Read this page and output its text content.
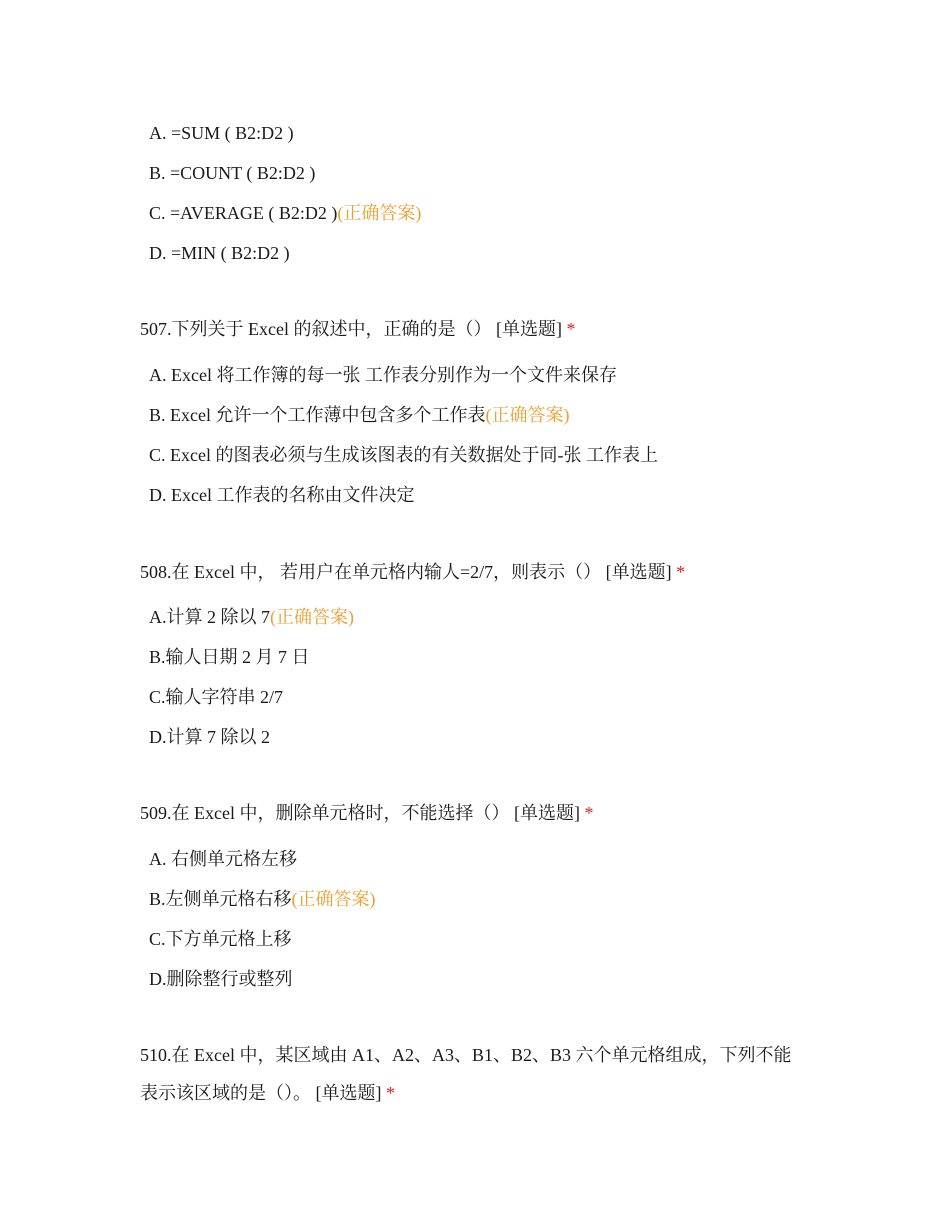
A. =SUM ( B2:D2 )
B. =COUNT ( B2:D2 )
C. =AVERAGE ( B2:D2 )(正确答案)
D. =MIN ( B2:D2 )
507.下列关于 Excel 的叙述中，正确的是（） [单选题] *
A. Excel 将工作簿的每一张 工作表分别作为一个文件来保存
B. Excel 允许一个工作薄中包含多个工作表(正确答案)
C. Excel 的图表必须与生成该图表的有关数据处于同-张 工作表上
D. Excel 工作表的名称由文件决定
508.在 Excel 中， 若用户在单元格内输人=2/7，则表示（） [单选题] *
A.计算 2 除以 7(正确答案)
B.输人日期 2 月 7 日
C.输人字符串 2/7
D.计算 7 除以 2
509.在 Excel 中，删除单元格时，不能选择（） [单选题] *
A. 右侧单元格左移
B.左侧单元格右移(正确答案)
C.下方单元格上移
D.删除整行或整列
510.在 Excel 中，某区域由 A1、A2、A3、B1、B2、B3 六个单元格组成，下列不能
表示该区域的是（）。 [单选题] *
